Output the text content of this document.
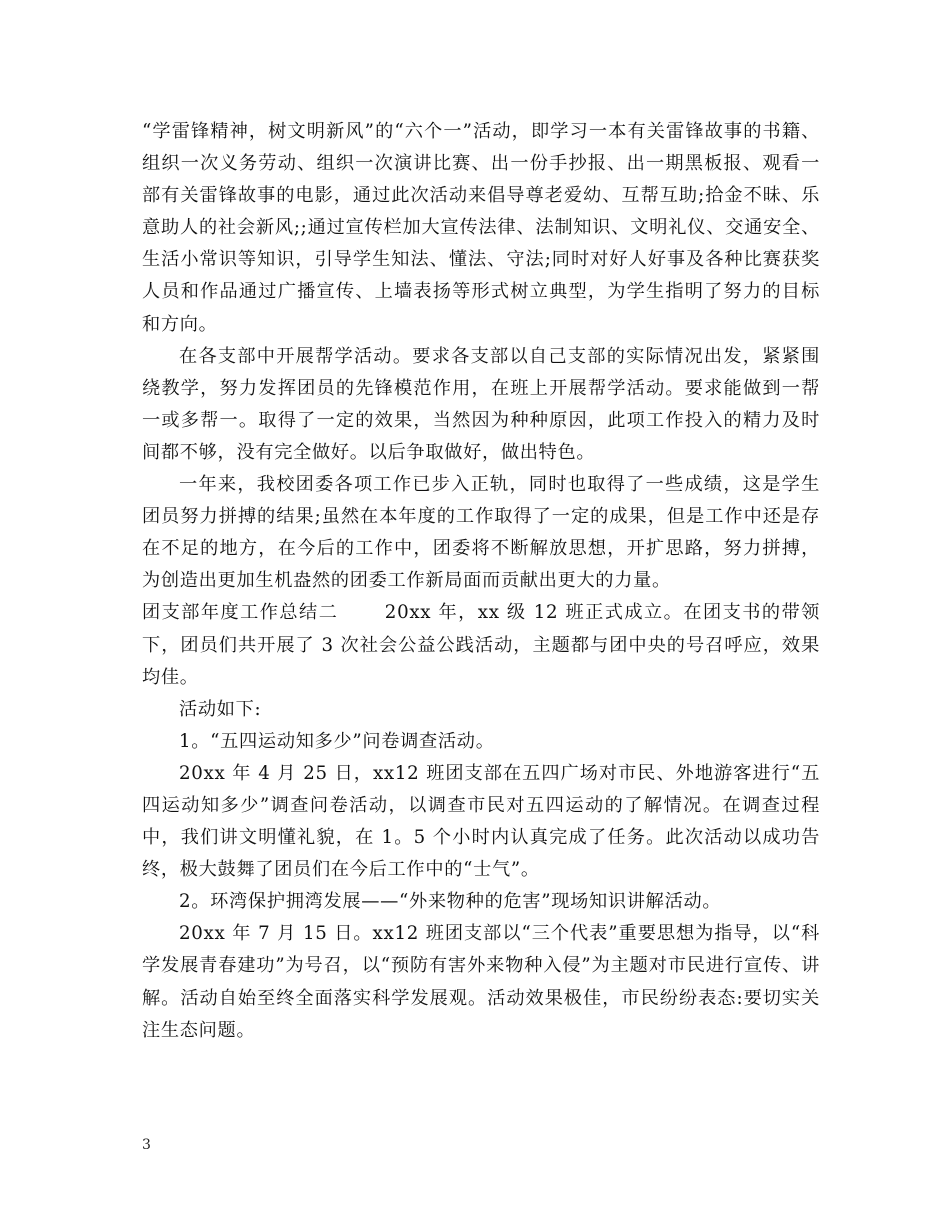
“学雷锋精神，树文明新风”的“六个一”活动，即学习一本有关雷锋故事的书籍、组织一次义务劳动、组织一次演讲比赛、出一份手抄报、出一期黑板报、观看一部有关雷锋故事的电影，通过此次活动来倡导尊老爱幼、互帮互助;拾金不昧、乐意助人的社会新风;;通过宣传栏加大宣传法律、法制知识、文明礼仪、交通安全、生活小常识等知识，引导学生知法、懂法、守法;同时对好人好事及各种比赛获奖人员和作品通过广播宣传、上墙表扬等形式树立典型，为学生指明了努力的目标和方向。

在各支部中开展帮学活动。要求各支部以自己支部的实际情况出发，紧紧围绕教学，努力发挥团员的先锋模范作用，在班上开展帮学活动。要求能做到一帮一或多帮一。取得了一定的效果，当然因为种种原因，此项工作投入的精力及时间都不够，没有完全做好。以后争取做好，做出特色。

一年来，我校团委各项工作已步入正轨，同时也取得了一些成绩，这是学生团员努力拼搏的结果;虽然在本年度的工作取得了一定的成果，但是工作中还是存在不足的地方，在今后的工作中，团委将不断解放思想，开扩思路，努力拼搏，为创造出更加生机盎然的团委工作新局面而贡献出更大的力量。

团支部年度工作总结二　　 20xx 年，xx 级 12 班正式成立。在团支书的带领下，团员们共开展了 3 次社会公益公践活动，主题都与团中央的号召呼应，效果均佳。

活动如下:

1。“五四运动知多少”问卷调查活动。

20xx 年 4 月 25 日，xx12 班团支部在五四广场对市民、外地游客进行“五四运动知多少”调查问卷活动，以调查市民对五四运动的了解情况。在调查过程中，我们讲文明懂礼貌，在 1。5 个小时内认真完成了任务。此次活动以成功告终，极大鼓舞了团员们在今后工作中的“士气”。

2。环湾保护拥湾发展——“外来物种的危害”现场知识讲解活动。

20xx 年 7 月 15 日。xx12 班团支部以“三个代表”重要思想为指导，以“科学发展青春建功”为号召，以“预防有害外来物种入侵”为主题对市民进行宣传、讲解。活动自始至终全面落实科学发展观。活动效果极佳，市民纷纷表态:要切实关注生态问题。

3
